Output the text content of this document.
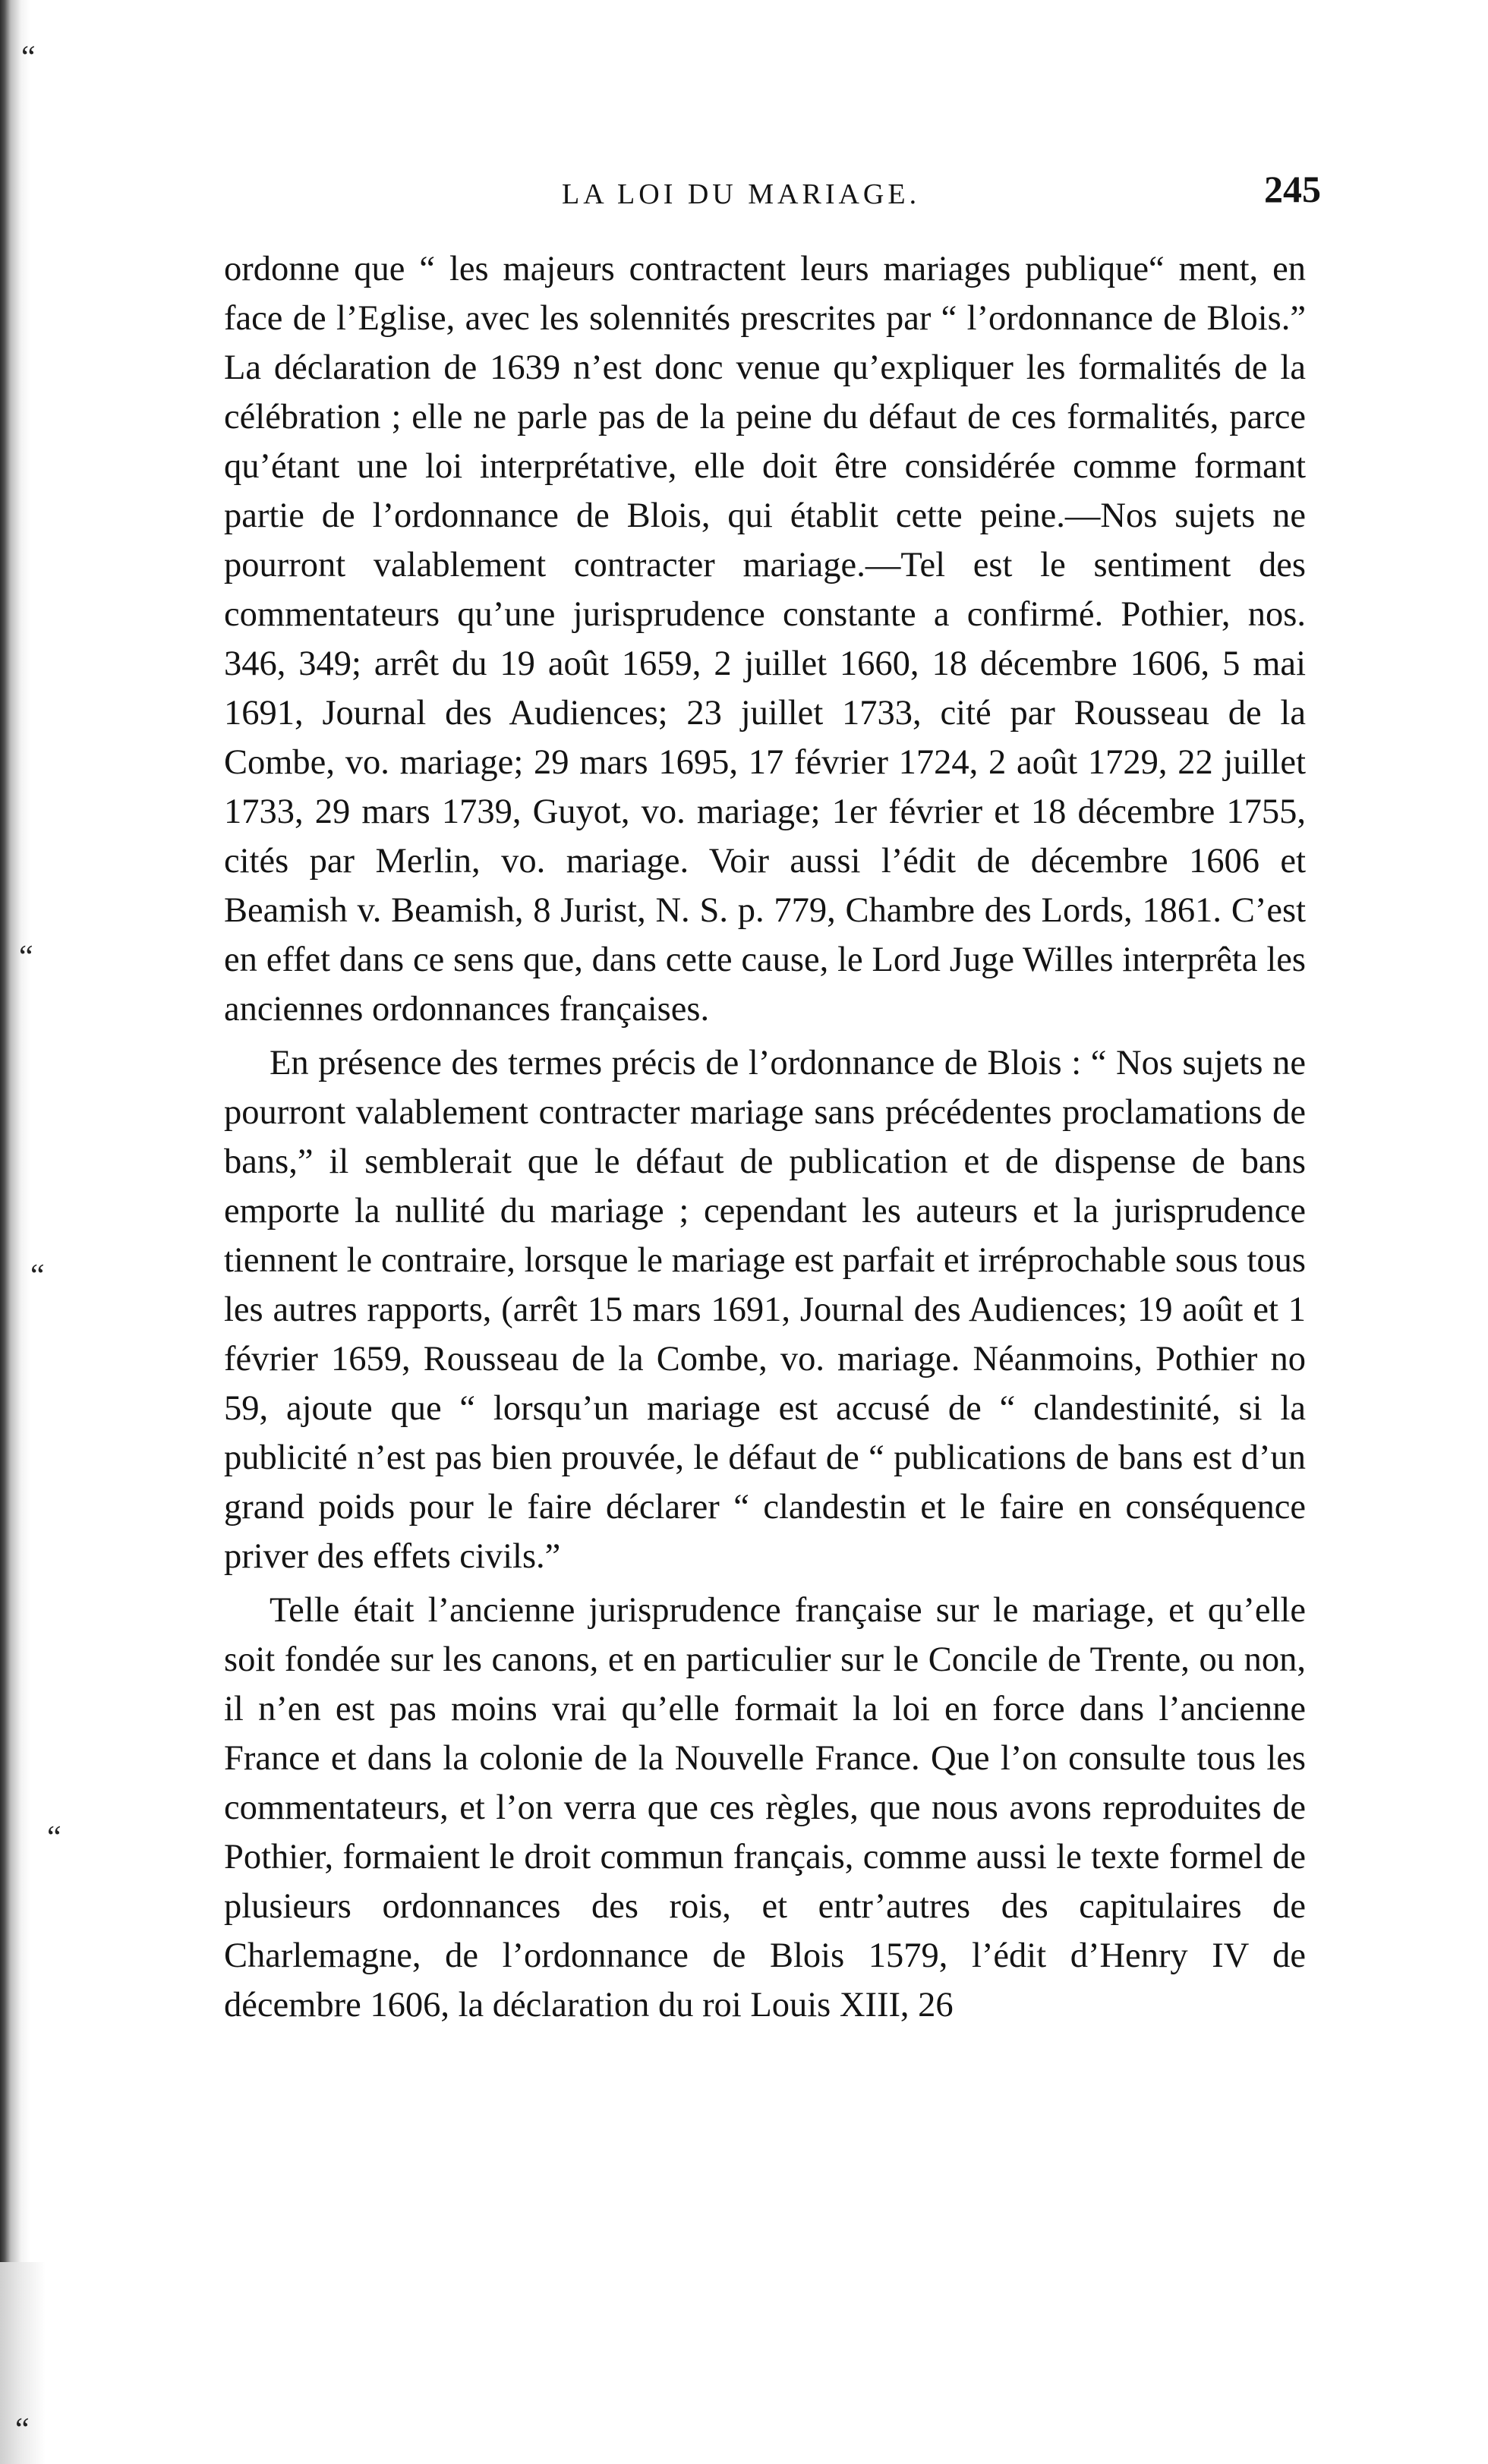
“
“
“
“
“
LA LOI DU MARIAGE.	245

ordonne que “ les majeurs contractent leurs mariages publique“ ment, en face de l’Eglise, avec les solennités prescrites par “ l’ordonnance de Blois.” La déclaration de 1639 n’est donc venue qu’expliquer les formalités de la célébration ; elle ne parle pas de la peine du défaut de ces formalités, parce qu’étant une loi interprétative, elle doit être considérée comme formant partie de l’ordonnance de Blois, qui établit cette peine.—Nos sujets ne pourront valablement contracter mariage.—Tel est le sentiment des commentateurs qu’une jurisprudence constante a confirmé. Pothier, nos. 346, 349; arrêt du 19 août 1659, 2 juillet 1660, 18 décembre 1606, 5 mai 1691, Journal des Audiences; 23 juillet 1733, cité par Rousseau de la Combe, vo. mariage; 29 mars 1695, 17 février 1724, 2 août 1729, 22 juillet 1733, 29 mars 1739, Guyot, vo. mariage; 1er février et 18 décembre 1755, cités par Merlin, vo. mariage. Voir aussi l’édit de décembre 1606 et Beamish v. Beamish, 8 Jurist, N. S. p. 779, Chambre des Lords, 1861. C’est en effet dans ce sens que, dans cette cause, le Lord Juge Willes interprêta les anciennes ordonnances françaises.

En présence des termes précis de l’ordonnance de Blois : “ Nos sujets ne pourront valablement contracter mariage sans précédentes proclamations de bans,” il semblerait que le défaut de publication et de dispense de bans emporte la nullité du mariage ; cependant les auteurs et la jurisprudence tiennent le contraire, lorsque le mariage est parfait et irréprochable sous tous les autres rapports, (arrêt 15 mars 1691, Journal des Audiences; 19 août et 1 février 1659, Rousseau de la Combe, vo. mariage. Néanmoins, Pothier no 59, ajoute que “ lorsqu’un mariage est accusé de “ clandestinité, si la publicité n’est pas bien prouvée, le défaut de “ publications de bans est d’un grand poids pour le faire déclarer “ clandestin et le faire en conséquence priver des effets civils.”

Telle était l’ancienne jurisprudence française sur le mariage, et qu’elle soit fondée sur les canons, et en particulier sur le Concile de Trente, ou non, il n’en est pas moins vrai qu’elle formait la loi en force dans l’ancienne France et dans la colonie de la Nouvelle France. Que l’on consulte tous les commentateurs, et l’on verra que ces règles, que nous avons reproduites de Pothier, formaient le droit commun français, comme aussi le texte formel de plusieurs ordonnances des rois, et entr’autres des capitulaires de Charlemagne, de l’ordonnance de Blois 1579, l’édit d’Henry IV de décembre 1606, la déclaration du roi Louis XIII, 26
